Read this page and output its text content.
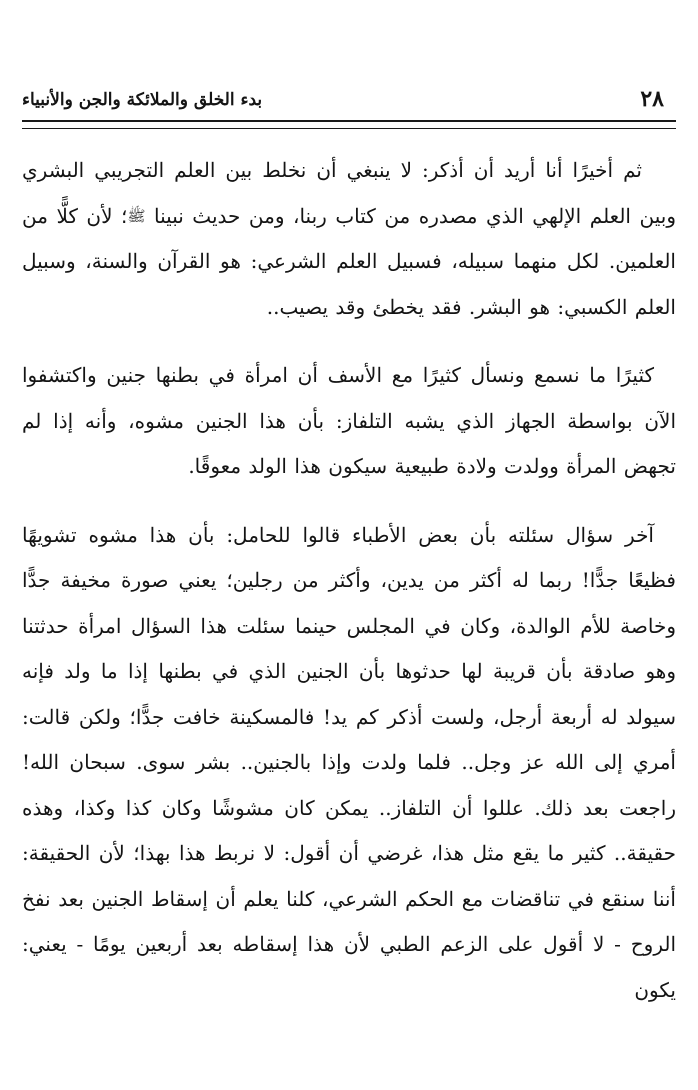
٢٨
بدء الخلق والملائكة والجن والأنبياء

ثم أخيرًا أنا أريد أن أذكر: لا ينبغي أن نخلط بين العلم التجريبي البشري وبين العلم الإلهي الذي مصدره من كتاب ربنا، ومن حديث نبينا ﷺ؛ لأن كلًّا من العلمين. لكل منهما سبيله، فسبيل العلم الشرعي: هو القرآن والسنة، وسبيل العلم الكسبي: هو البشر. فقد يخطئ وقد يصيب..

كثيرًا ما نسمع ونسأل كثيرًا مع الأسف أن امرأة في بطنها جنين واكتشفوا الآن بواسطة الجهاز الذي يشبه التلفاز: بأن هذا الجنين مشوه، وأنه إذا لم تجهض المرأة وولدت ولادة طبيعية سيكون هذا الولد معوقًا.

آخر سؤال سئلته بأن بعض الأطباء قالوا للحامل: بأن هذا مشوه تشويهًا فظيعًا جدًّا! ربما له أكثر من يدين، وأكثر من رجلين؛ يعني صورة مخيفة جدًّا وخاصة للأم الوالدة، وكان في المجلس حينما سئلت هذا السؤال امرأة حدثتنا وهو صادقة بأن قريبة لها حدثوها بأن الجنين الذي في بطنها إذا ما ولد فإنه سيولد له أربعة أرجل، ولست أذكر كم يد! فالمسكينة خافت جدًّا؛ ولكن قالت: أمري إلى الله عز وجل.. فلما ولدت وإذا بالجنين.. بشر سوى. سبحان الله! راجعت بعد ذلك. عللوا أن التلفاز.. يمكن كان مشوشًا وكان كذا وكذا، وهذه حقيقة.. كثير ما يقع مثل هذا، غرضي أن أقول: لا نربط هذا بهذا؛ لأن الحقيقة: أننا سنقع في تناقضات مع الحكم الشرعي، كلنا يعلم أن إسقاط الجنين بعد نفخ الروح - لا أقول على الزعم الطبي لأن هذا إسقاطه بعد أربعين يومًا - يعني: يكون
